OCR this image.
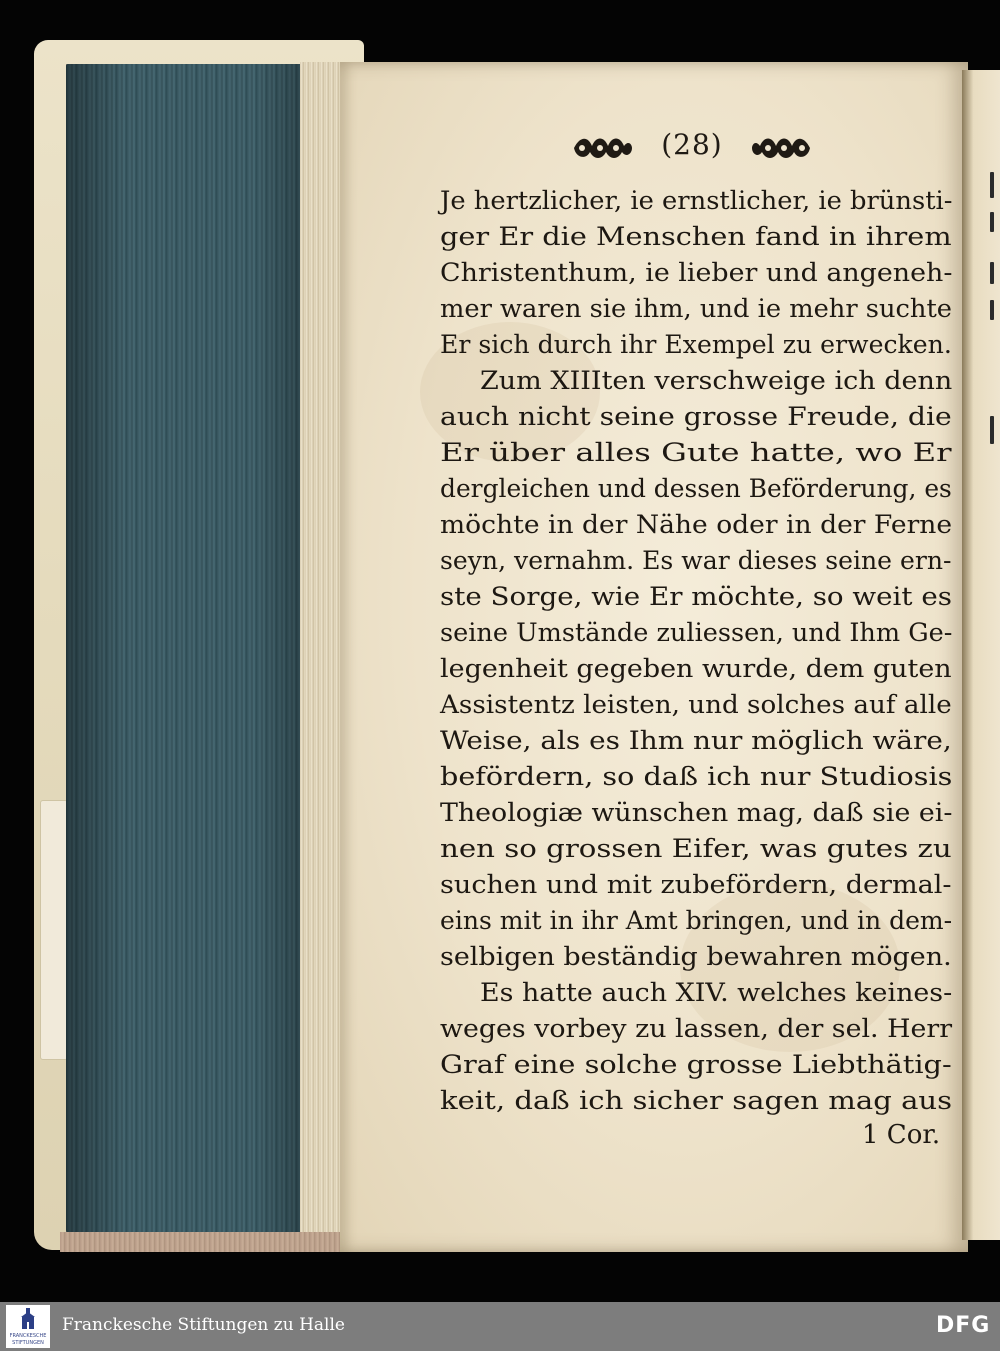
(28)
Je hertzlicher, ie ernstlicher, ie brünsti-
ger Er die Menschen fand in ihrem
Christenthum, ie lieber und angeneh-
mer waren sie ihm, und ie mehr suchte
Er sich durch ihr Exempel zu erwecken.
Zum XIIIten verschweige ich denn
auch nicht seine grosse Freude, die
Er über alles Gute hatte, wo Er
dergleichen und dessen Beförderung, es
möchte in der Nähe oder in der Ferne
seyn, vernahm. Es war dieses seine ern-
ste Sorge, wie Er möchte, so weit es
seine Umstände zuliessen, und Ihm Ge-
legenheit gegeben wurde, dem guten
Assistentz leisten, und solches auf alle
Weise, als es Ihm nur möglich wäre,
befördern, so daß ich nur Studiosis
Theologiæ wünschen mag, daß sie ei-
nen so grossen Eifer, was gutes zu
suchen und mit zubefördern, dermal-
eins mit in ihr Amt bringen, und in dem-
selbigen beständig bewahren mögen.
Es hatte auch XIV. welches keines-
weges vorbey zu lassen, der sel. Herr
Graf eine solche grosse Liebthätig-
keit, daß ich sicher sagen mag aus
1 Cor.
FRANCKESCHE
STIFTUNGEN
Franckesche Stiftungen zu Halle	DFG
